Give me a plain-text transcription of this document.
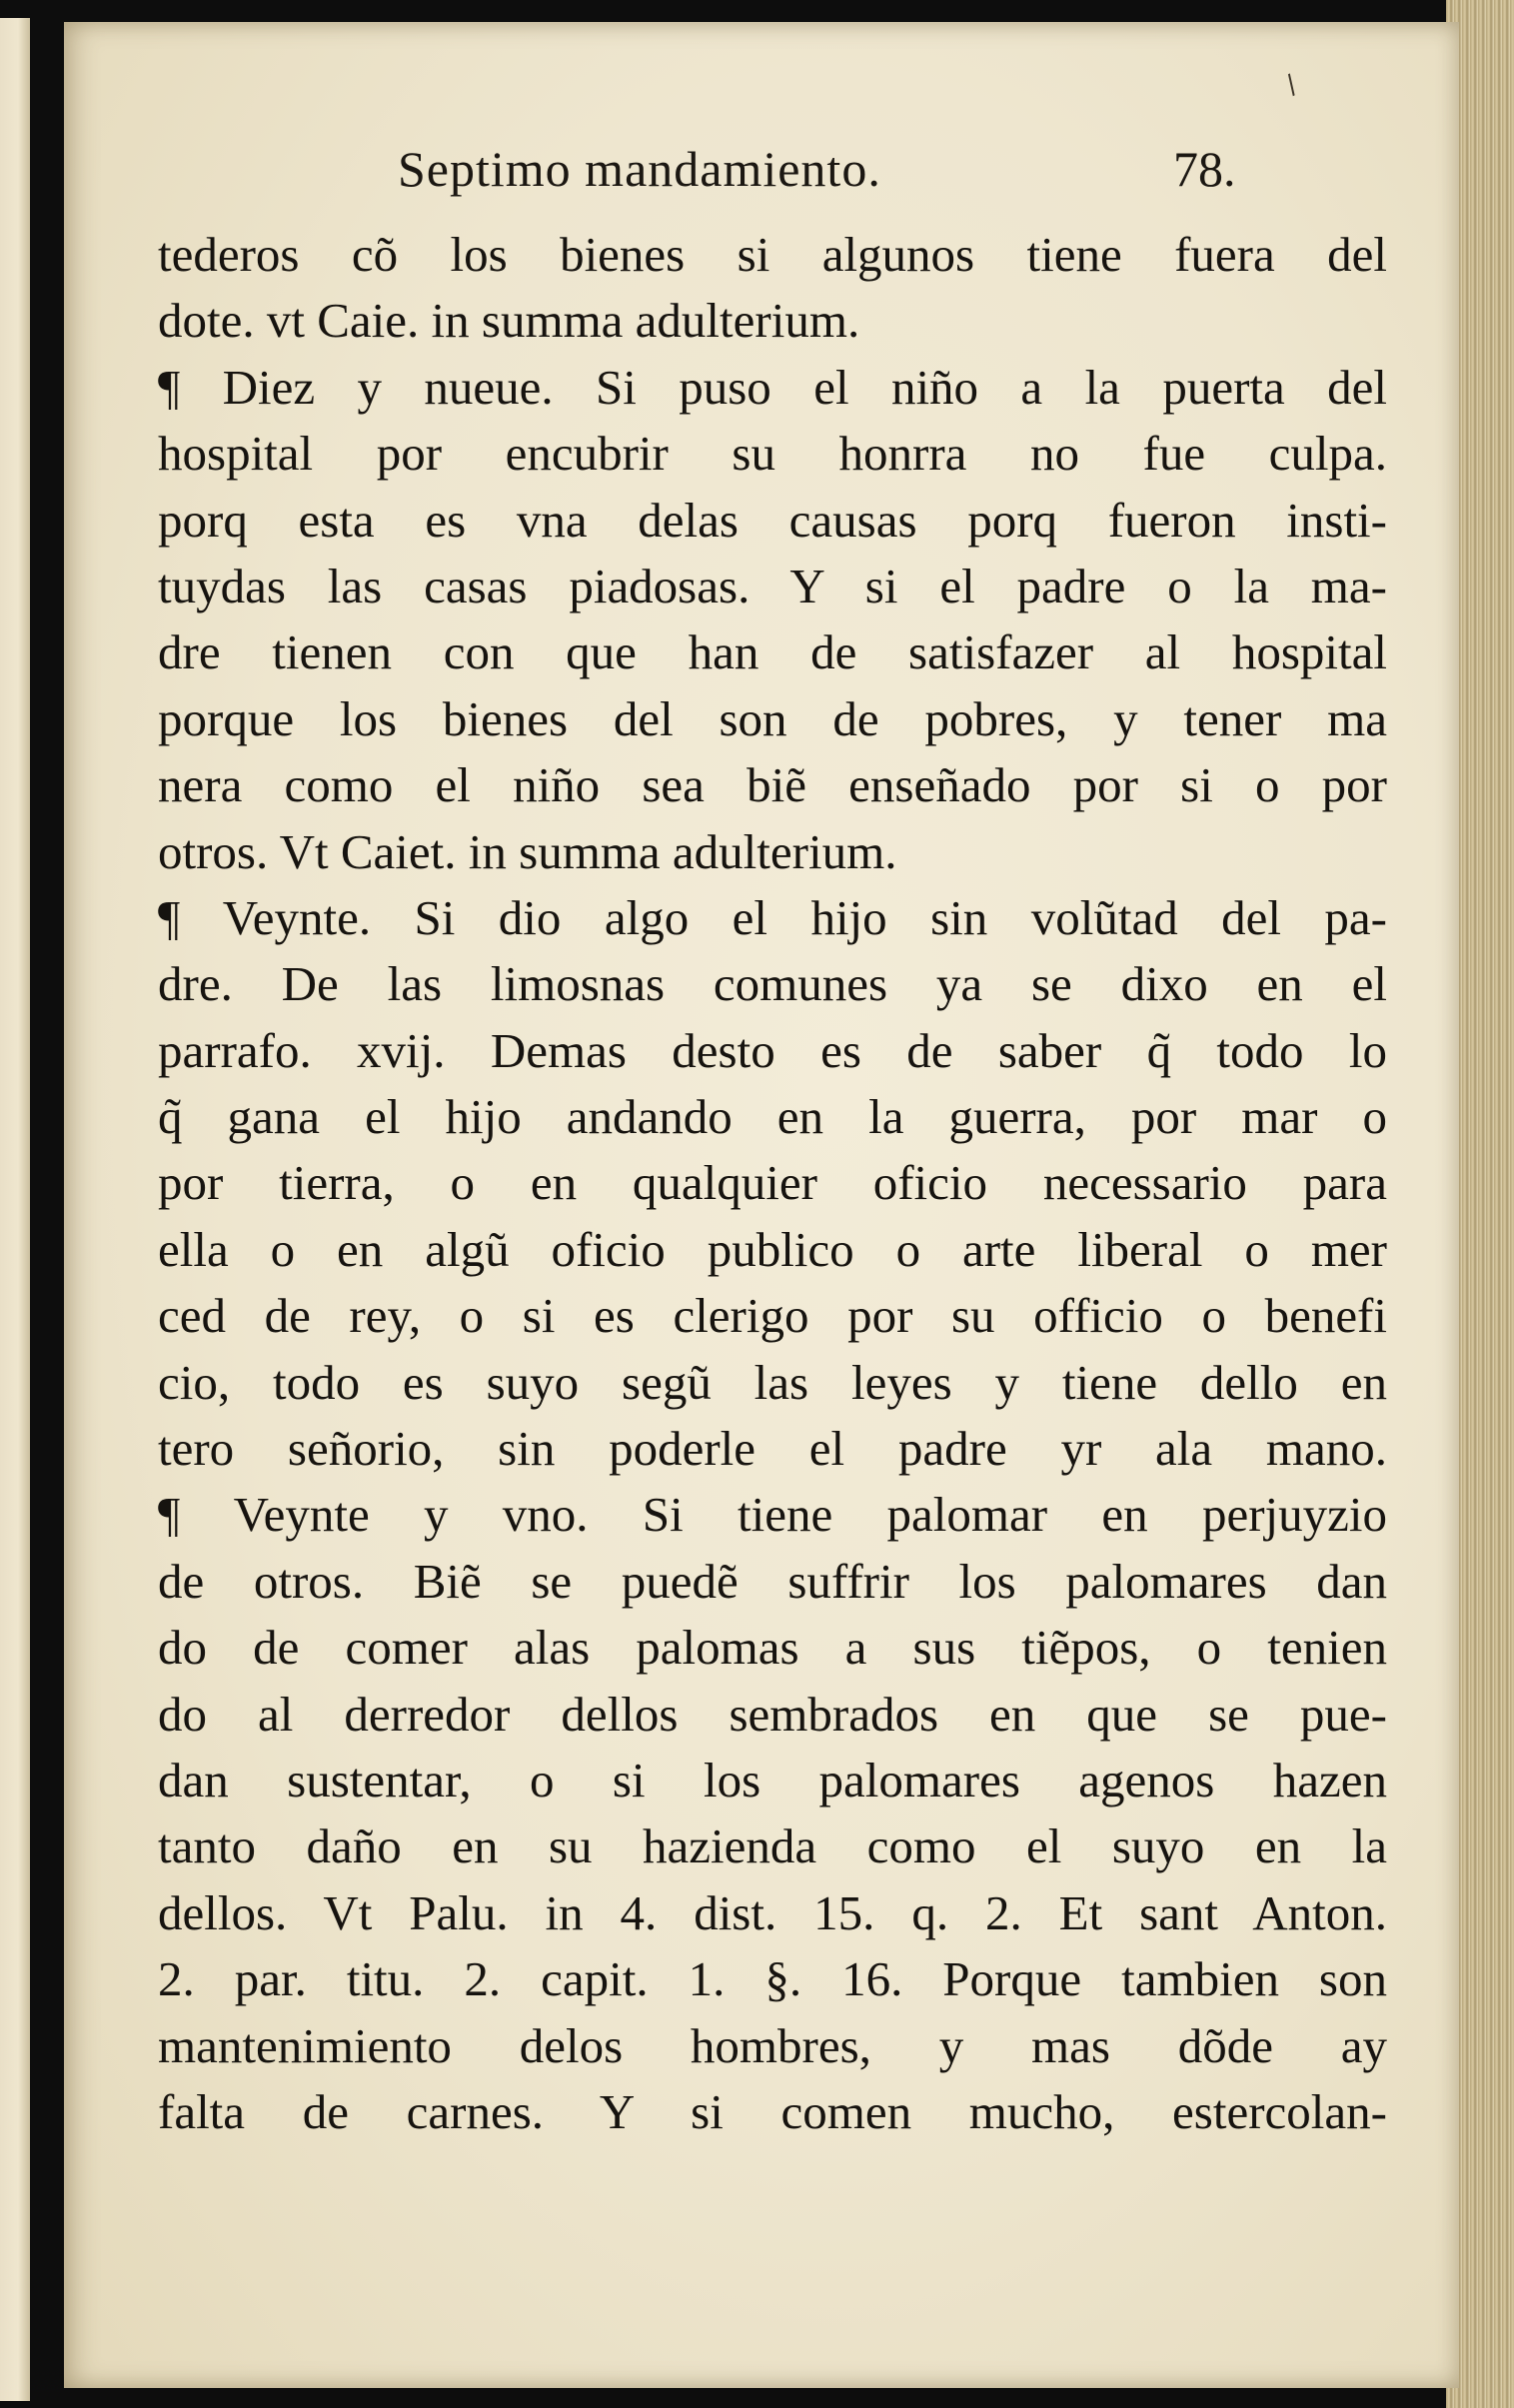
∕
Septimo mandamiento.	78.
tederos cõ los bienes si algunos tiene fuera del
dote. vt Caie. in summa adulterium.
¶ Diez y nueue. Si puso el niño a la puerta del
hospital por encubrir su honrra no fue culpa.
porq esta es vna delas causas porq fueron insti-
tuydas las casas piadosas. Y si el padre o la ma-
dre tienen con que han de satisfazer al hospital
porque los bienes del son de pobres, y tener ma
nera como el niño sea biẽ enseñado por si o por
otros. Vt Caiet. in summa adulterium.
¶ Veynte. Si dio algo el hijo sin volũtad del pa-
dre. De las limosnas comunes ya se dixo en el
parrafo. xvij. Demas desto es de saber q̃ todo lo
q̃ gana el hijo andando en la guerra, por mar o
por tierra, o en qualquier oficio necessario para
ella o en algũ oficio publico o arte liberal o mer
ced de rey, o si es clerigo por su officio o benefi
cio, todo es suyo segũ las leyes y tiene dello en
tero señorio, sin poderle el padre yr ala mano.
¶ Veynte y vno. Si tiene palomar en perjuyzio
de otros. Biẽ se puedẽ suffrir los palomares dan
do de comer alas palomas a sus tiẽpos, o tenien
do al derredor dellos sembrados en que se pue-
dan sustentar, o si los palomares agenos hazen
tanto daño en su hazienda como el suyo en la
dellos. Vt Palu. in 4. dist. 15. q. 2. Et sant Anton.
2. par. titu. 2. capit. 1. §. 16. Porque tambien son
mantenimiento delos hombres, y mas dõde ay
falta de carnes. Y si comen mucho, estercolan-
